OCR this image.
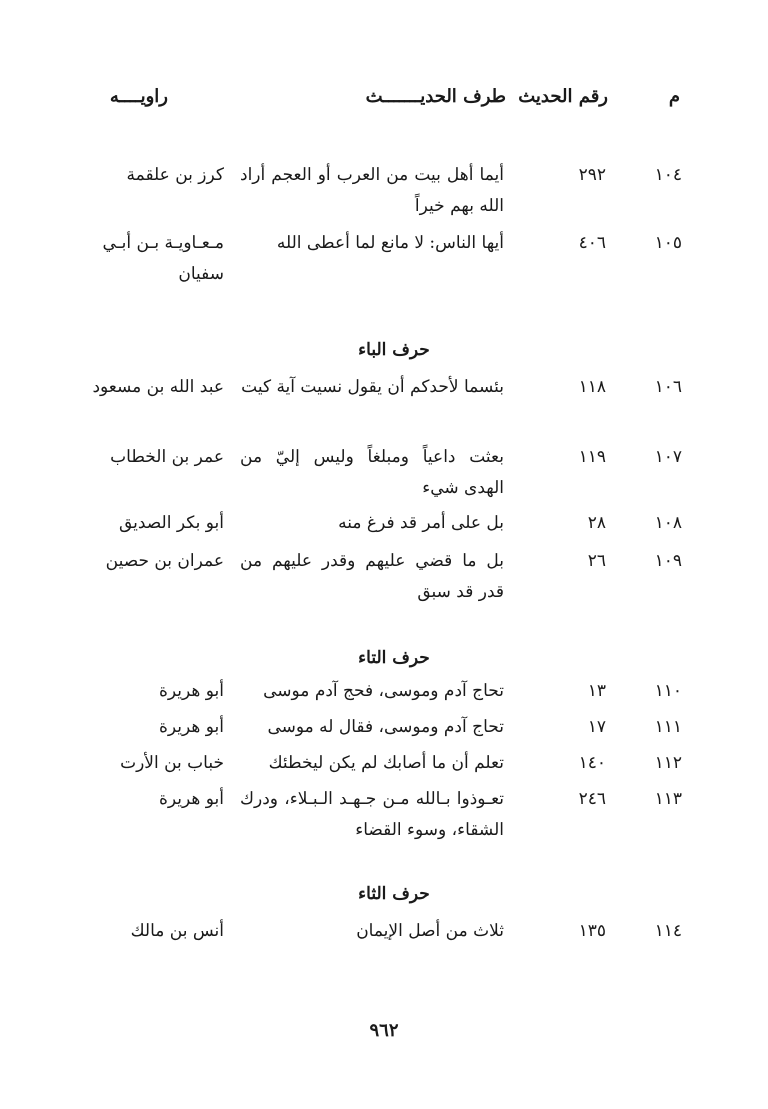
م
رقم الحديث
طرف الحديـــــــث
راويــــه
١٠٤
٢٩٢
أيما أهل بيت من العرب أو العجم أراد الله بهم خيراً
كرز بن علقمة
١٠٥
٤٠٦
أيها الناس: لا مانع لما أعطى الله
مـعـاويـة بـن أبـي سفيان
حرف الباء
١٠٦
١١٨
بئسما لأحدكم أن يقول نسيت آية كيت
عبد الله بن مسعود
١٠٧
١١٩
بعثت داعياً ومبلغاً وليس إليّ من الهدى شيء
عمر بن الخطاب
١٠٨
٢٨
بل على أمر قد فرغ منه
أبو بكر الصديق
١٠٩
٢٦
بل ما قضي عليهم وقدر عليهم من قدر قد سبق
عمران بن حصين
حرف التاء
١١٠
١٣
تحاج آدم وموسى، فحج آدم موسى
أبو هريرة
١١١
١٧
تحاج آدم وموسى، فقال له موسى
أبو هريرة
١١٢
١٤٠
تعلم أن ما أصابك لم يكن ليخطئك
خباب بن الأرت
١١٣
٢٤٦
تعـوذوا بـالله مـن جـهـد الـبـلاء، ودرك الشقاء، وسوء القضاء
أبو هريرة
حرف الثاء
١١٤
١٣٥
ثلاث من أصل الإيمان
أنس بن مالك
٩٦٢
